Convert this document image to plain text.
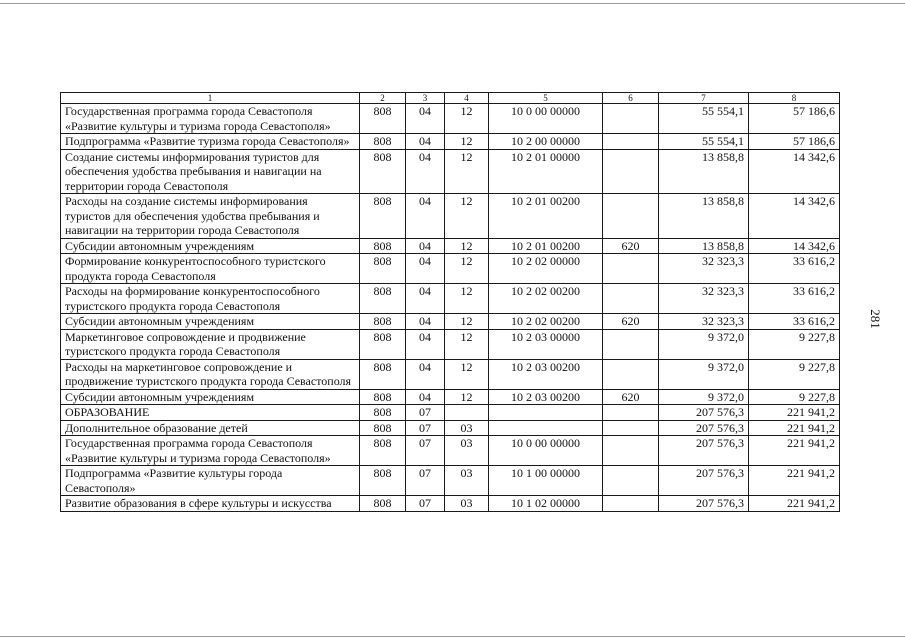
281
1	2	3	4	5	6	7	8
Государственная программа города Севастополя «Развитие культуры и туризма города Севастополя»	808	04	12	10 0 00 00000		55 554,1	57 186,6
Подпрограмма «Развитие туризма города Севастополя»	808	04	12	10 2 00 00000		55 554,1	57 186,6
Создание системы информирования туристов для обеспечения удобства пребывания и навигации на территории города Севастополя	808	04	12	10 2 01 00000		13 858,8	14 342,6
Расходы на создание системы информирования туристов для обеспечения удобства пребывания и навигации на территории города Севастополя	808	04	12	10 2 01 00200		13 858,8	14 342,6
Субсидии автономным учреждениям	808	04	12	10 2 01 00200	620	13 858,8	14 342,6
Формирование конкурентоспособного туристского продукта города Севастополя	808	04	12	10 2 02 00000		32 323,3	33 616,2
Расходы на формирование конкурентоспособного туристского продукта города Севастополя	808	04	12	10 2 02 00200		32 323,3	33 616,2
Субсидии автономным учреждениям	808	04	12	10 2 02 00200	620	32 323,3	33 616,2
Маркетинговое сопровождение и продвижение туристского продукта города Севастополя	808	04	12	10 2 03 00000		9 372,0	9 227,8
Расходы на маркетинговое сопровождение и продвижение туристского продукта города Севастополя	808	04	12	10 2 03 00200		9 372,0	9 227,8
Субсидии автономным учреждениям	808	04	12	10 2 03 00200	620	9 372,0	9 227,8
ОБРАЗОВАНИЕ	808	07				207 576,3	221 941,2
Дополнительное образование детей	808	07	03			207 576,3	221 941,2
Государственная программа города Севастополя «Развитие культуры и туризма города Севастополя»	808	07	03	10 0 00 00000		207 576,3	221 941,2
Подпрограмма «Развитие культуры города Севастополя»	808	07	03	10 1 00 00000		207 576,3	221 941,2
Развитие образования в сфере культуры и искусства	808	07	03	10 1 02 00000		207 576,3	221 941,2
